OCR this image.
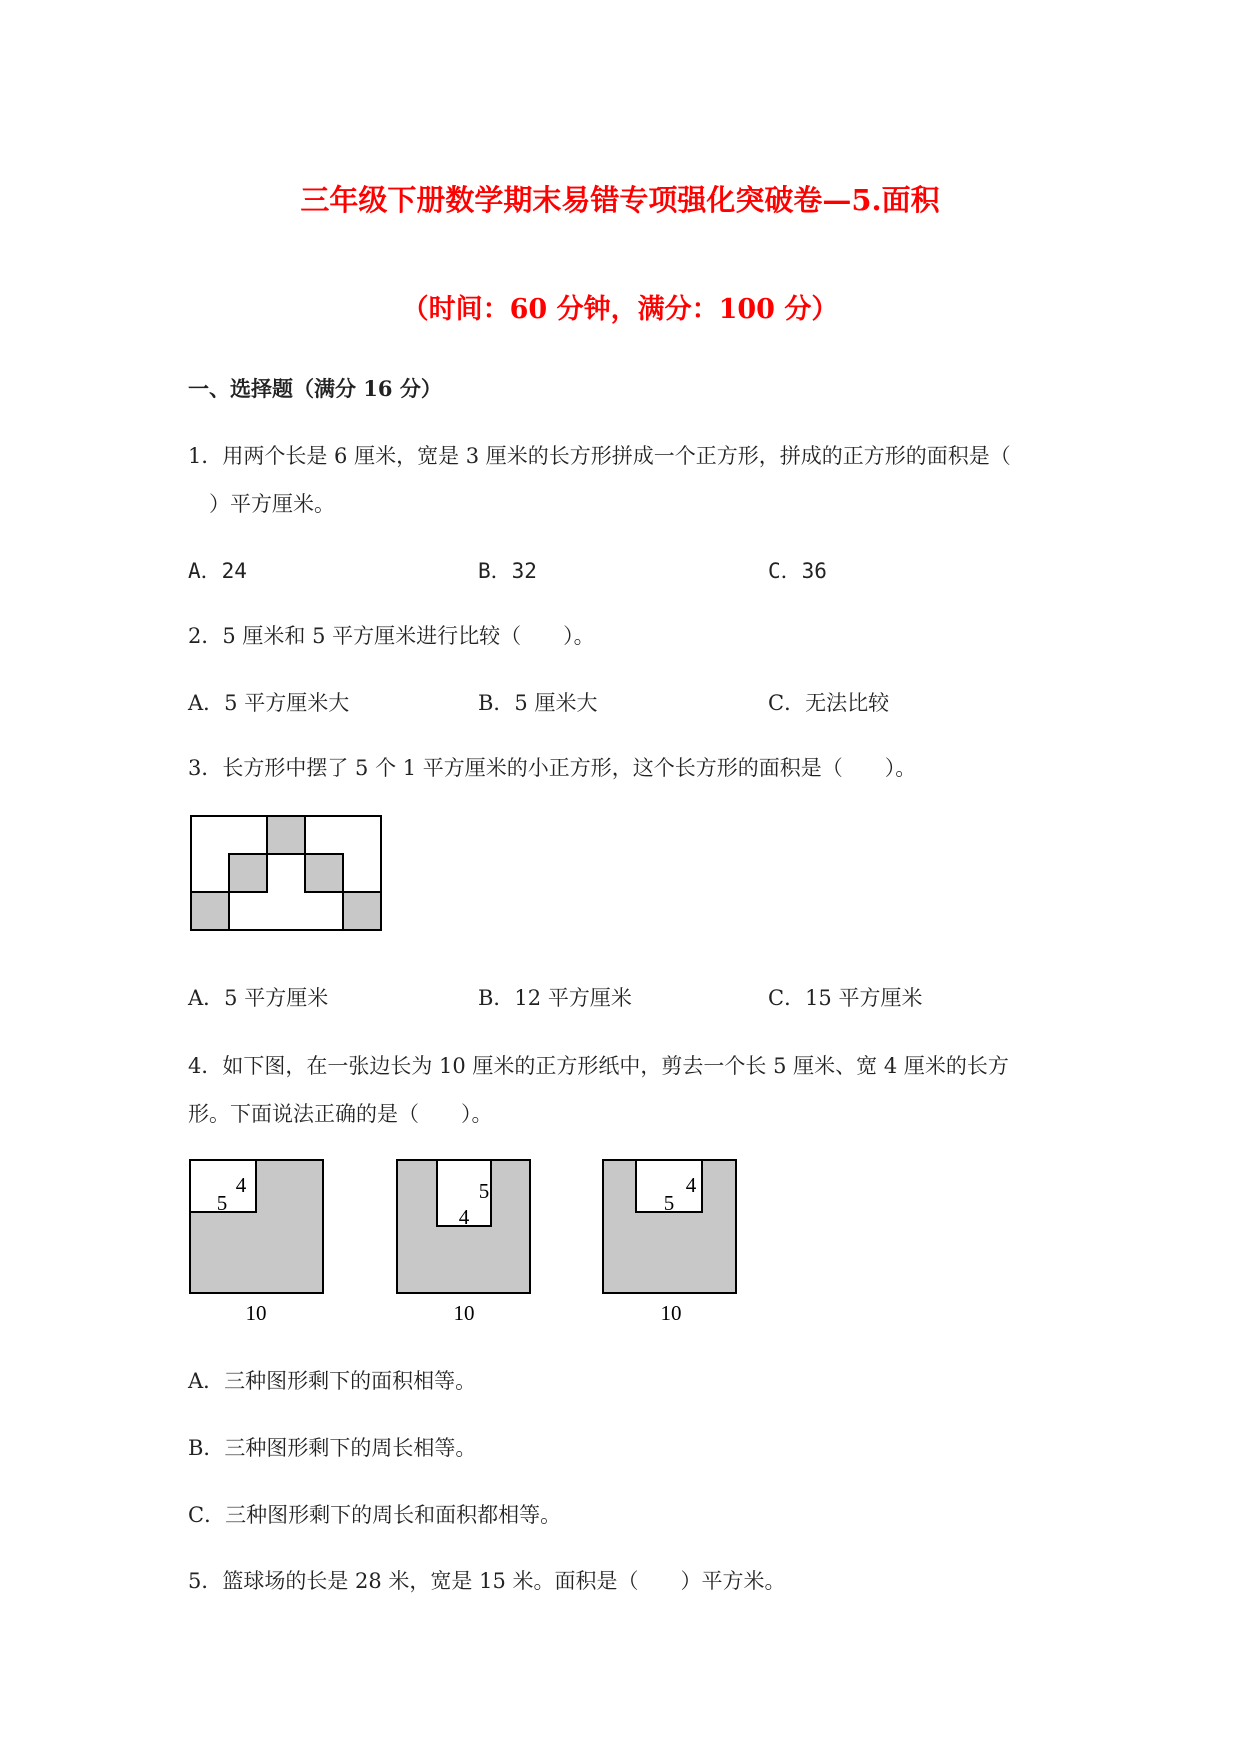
三年级下册数学期末易错专项强化突破卷—5.面积
（时间：60 分钟，满分：100 分）
一、选择题（满分 16 分）
1．用两个长是 6 厘米，宽是 3 厘米的长方形拼成一个正方形，拼成的正方形的面积是（
　）平方厘米。
A．24	B．32	C．36
2．5 厘米和 5 平方厘米进行比较（　　）。
A．5 平方厘米大	B．5 厘米大	C．无法比较
3．长方形中摆了 5 个 1 平方厘米的小正方形，这个长方形的面积是（　　）。
A．5 平方厘米	B．12 平方厘米	C．15 平方厘米
4．如下图，在一张边长为 10 厘米的正方形纸中，剪去一个长 5 厘米、宽 4 厘米的长方
形。下面说法正确的是（　　）。
4
5
10
5
4
10
4
5
10
A．三种图形剩下的面积相等。
B．三种图形剩下的周长相等。
C．三种图形剩下的周长和面积都相等。
5．篮球场的长是 28 米，宽是 15 米。面积是（　　）平方米。
